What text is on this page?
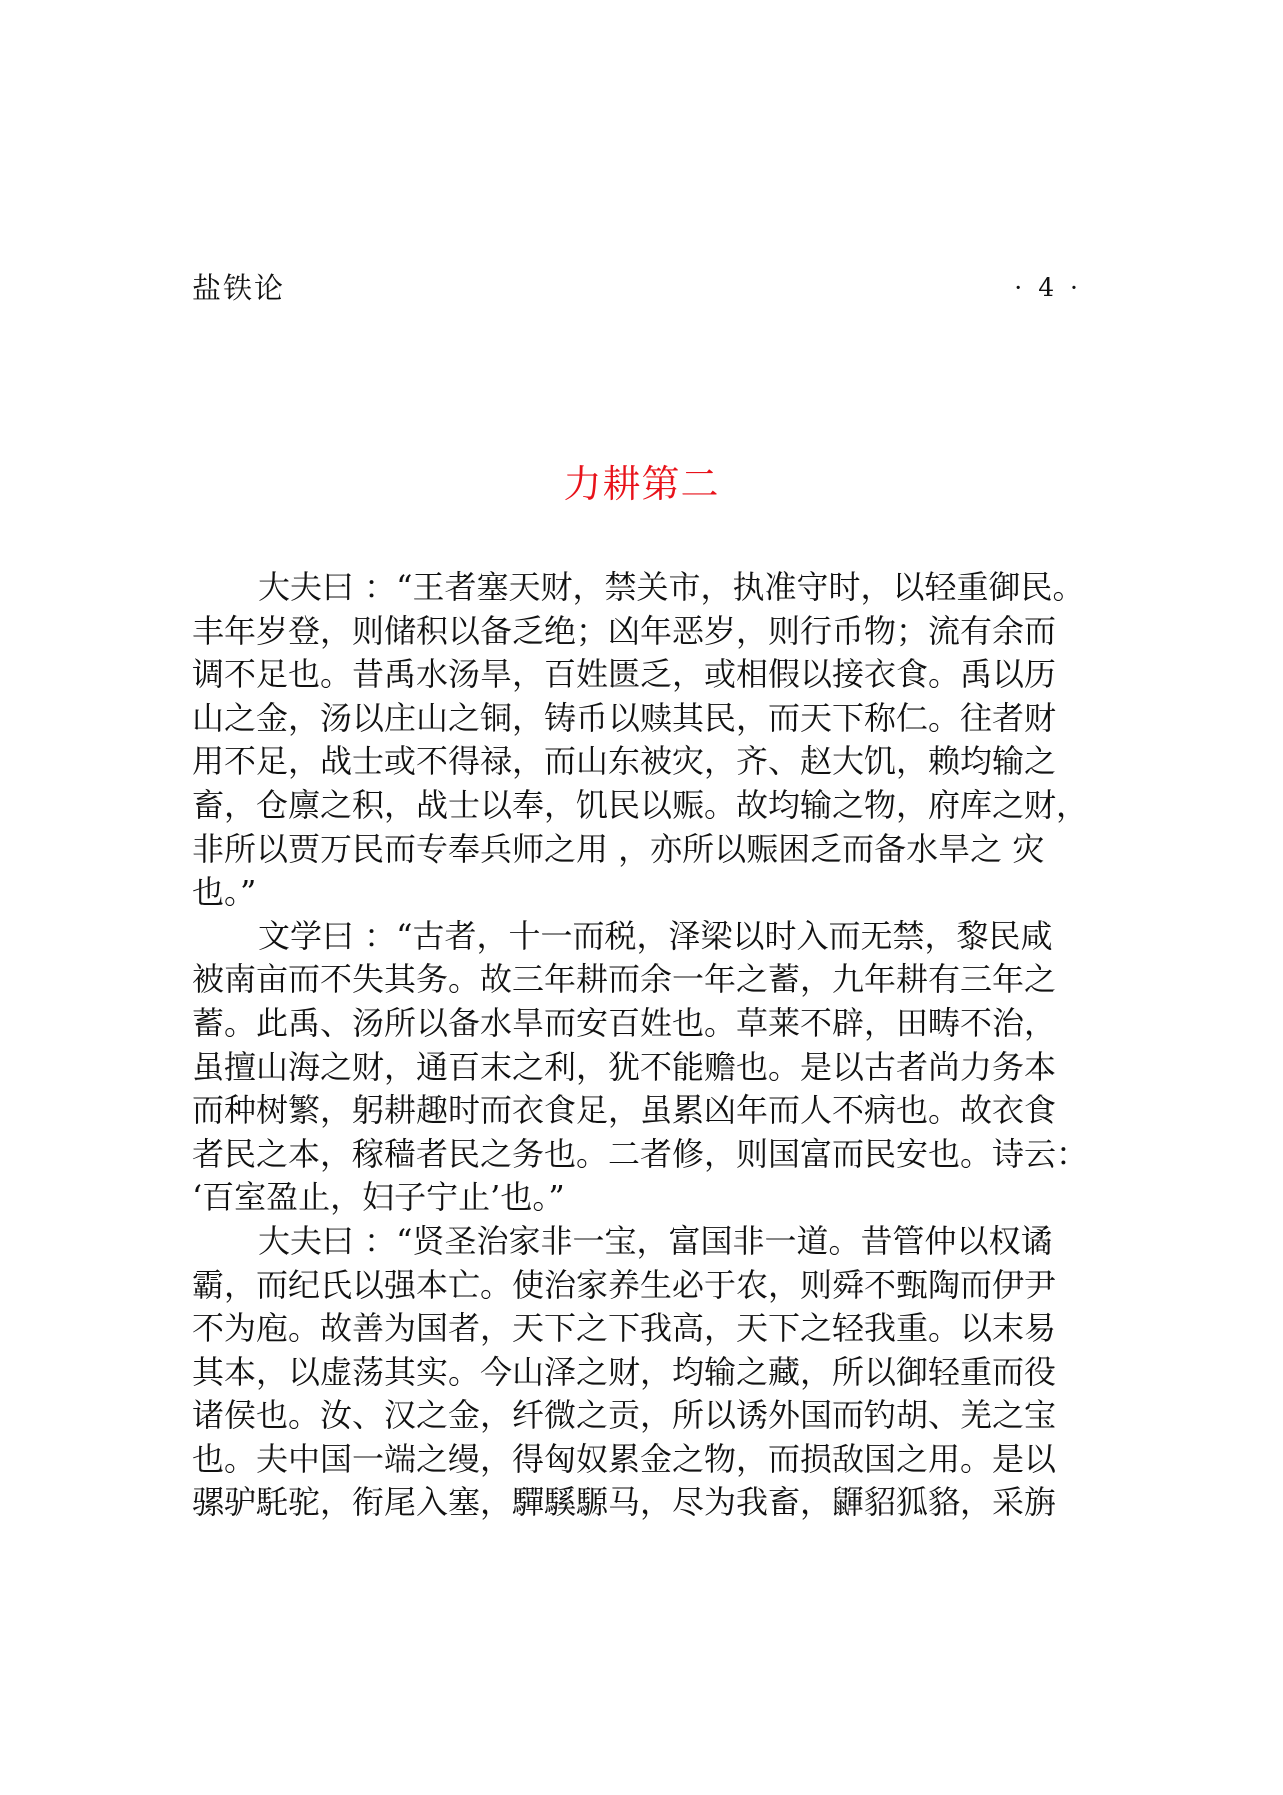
盐铁论	· 4 ·
力耕第二
大夫曰 ：“王者塞天财，禁关市，执准守时，以轻重御民。
丰年岁登，则储积以备乏绝；凶年恶岁，则行币物；流有余而
调不足也。昔禹水汤旱，百姓匮乏，或相假以接衣食。禹以历
山之金，汤以庄山之铜，铸币以赎其民，而天下称仁。往者财
用不足，战士或不得禄，而山东被灾，齐、赵大饥，赖均输之
畜，仓廪之积，战士以奉，饥民以赈。故均输之物，府库之财，
非所以贾万民而专奉兵师之用 ，亦所以赈困乏而备水旱之 灾
也。”
文学曰 ：“古者，十一而税，泽梁以时入而无禁，黎民咸
被南亩而不失其务。故三年耕而余一年之蓄，九年耕有三年之
蓄。此禹、汤所以备水旱而安百姓也。草莱不辟，田畴不治，
虽擅山海之财，通百末之利，犹不能赡也。是以古者尚力务本
而种树繁，躬耕趣时而衣食足，虽累凶年而人不病也。故衣食
者民之本，稼穑者民之务也。二者修，则国富而民安也。诗云：
‘百室盈止，妇子宁止’也。”
大夫曰 ：“贤圣治家非一宝，富国非一道。昔管仲以权谲
霸，而纪氏以强本亡。使治家养生必于农，则舜不甄陶而伊尹
不为庖。故善为国者，天下之下我高，天下之轻我重。以末易
其本，以虚荡其实。今山泽之财，均输之藏，所以御轻重而役
诸侯也。汝、汉之金，纤微之贡，所以诱外国而钓胡、羌之宝
也。夫中国一端之缦，得匈奴累金之物，而损敌国之用。是以
骡驴馲驼，衔尾入塞，驒騱騵马，尽为我畜，鼲貂狐貉，采旃
